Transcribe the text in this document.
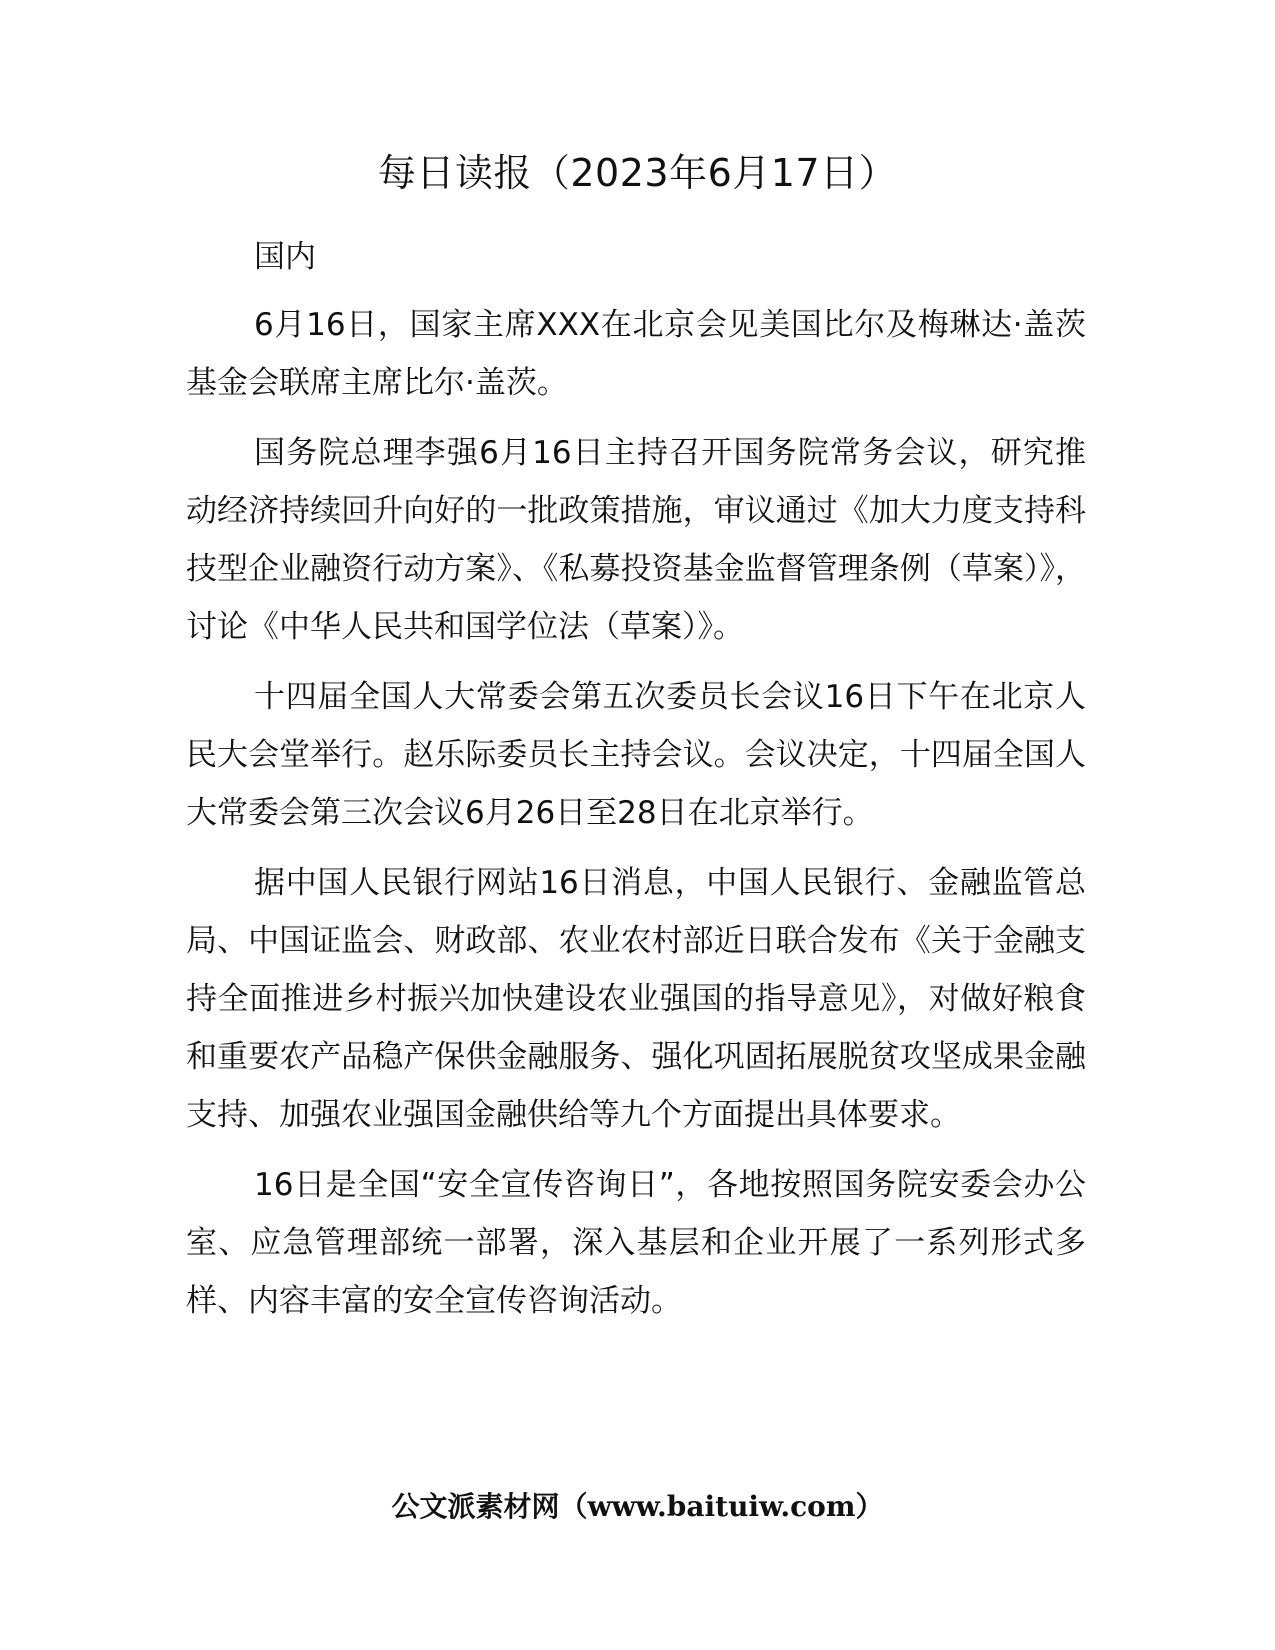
每日读报（2023年6月17日）
国内

6月16日，国家主席XXX在北京会见美国比尔及梅琳达·盖茨基金会联席主席比尔·盖茨。

国务院总理李强6月16日主持召开国务院常务会议，研究推动经济持续回升向好的一批政策措施，审议通过《加大力度支持科技型企业融资行动方案》、《私募投资基金监督管理条例（草案）》，讨论《中华人民共和国学位法（草案）》。

十四届全国人大常委会第五次委员长会议16日下午在北京人民大会堂举行。赵乐际委员长主持会议。会议决定，十四届全国人大常委会第三次会议6月26日至28日在北京举行。

据中国人民银行网站16日消息，中国人民银行、金融监管总局、中国证监会、财政部、农业农村部近日联合发布《关于金融支持全面推进乡村振兴加快建设农业强国的指导意见》，对做好粮食和重要农产品稳产保供金融服务、强化巩固拓展脱贫攻坚成果金融支持、加强农业强国金融供给等九个方面提出具体要求。

16日是全国“安全宣传咨询日”，各地按照国务院安委会办公室、应急管理部统一部署，深入基层和企业开展了一系列形式多样、内容丰富的安全宣传咨询活动。

公文派素材网（www.baituiw.com）
